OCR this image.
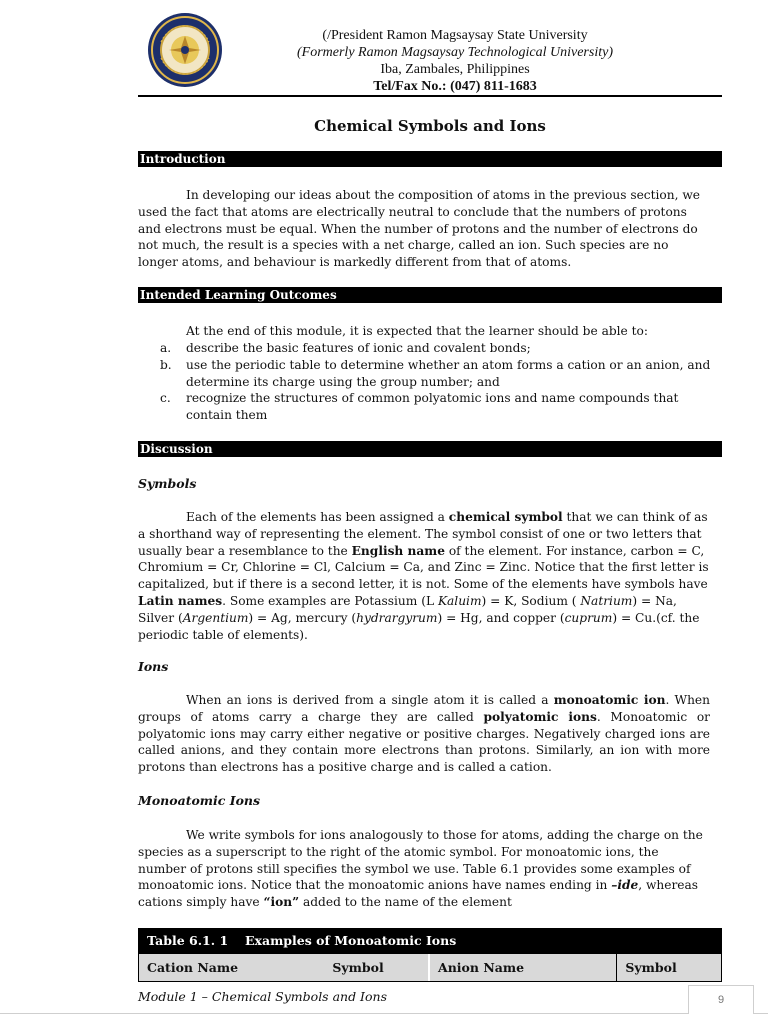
(/President Ramon Magsaysay State University
(Formerly Ramon Magsaysay Technological University)
Iba, Zambales, Philippines
Tel/Fax No.: (047) 811-1683
Chemical Symbols and Ions
Introduction
In developing our ideas about the composition of atoms in the previous section, we used the fact that atoms are electrically neutral to conclude that the numbers of protons and electrons must be equal. When the number of protons and the number of electrons do not much, the result is a species with a net charge, called an ion. Such species are no longer atoms, and behaviour is markedly different from that of atoms.
Intended Learning Outcomes
At the end of this module, it is expected that the learner should be able to:
a.	describe the basic features of ionic and covalent bonds;
b.	use the periodic table to determine whether an atom forms a cation or an anion, and determine its charge using the group number; and
c.	recognize the structures of common polyatomic ions and name compounds that contain them
Discussion
Symbols
Each of the elements has been assigned a chemical symbol that we can think of as a shorthand way of representing the element. The symbol consist of one or two letters that usually bear a resemblance to the English name of the element. For instance, carbon = C, Chromium = Cr, Chlorine = Cl, Calcium = Ca, and Zinc = Zinc. Notice that the first letter is capitalized, but if there is a second letter, it is not. Some of the elements have symbols have Latin names. Some examples are Potassium (L Kaluim) = K, Sodium ( Natrium) = Na, Silver (Argentium) = Ag, mercury (hydrargyrum) = Hg, and copper (cuprum) = Cu.(cf. the periodic table of elements).
Ions
When an ions is derived from a single atom it is called a monoatomic ion. When groups of atoms carry a charge they are called polyatomic ions. Monoatomic or polyatomic ions may carry either negative or positive charges. Negatively charged ions are called anions, and they contain more electrons than protons. Similarly, an ion with more protons than electrons has a positive charge and is called a cation.
Monoatomic Ions
We write symbols for ions analogously to those for atoms, adding the charge on the species as a superscript to the right of the atomic symbol. For monoatomic ions, the number of protons still specifies the symbol we use. Table 6.1 provides some examples of monoatomic ions. Notice that the monoatomic anions have names ending in –ide, whereas cations simply have “ion” added to the name of the element
Table 6.1. 1	Examples of Monoatomic Ions
Cation Name	Symbol	Anion Name	Symbol
Module 1 – Chemical Symbols and Ions	9
